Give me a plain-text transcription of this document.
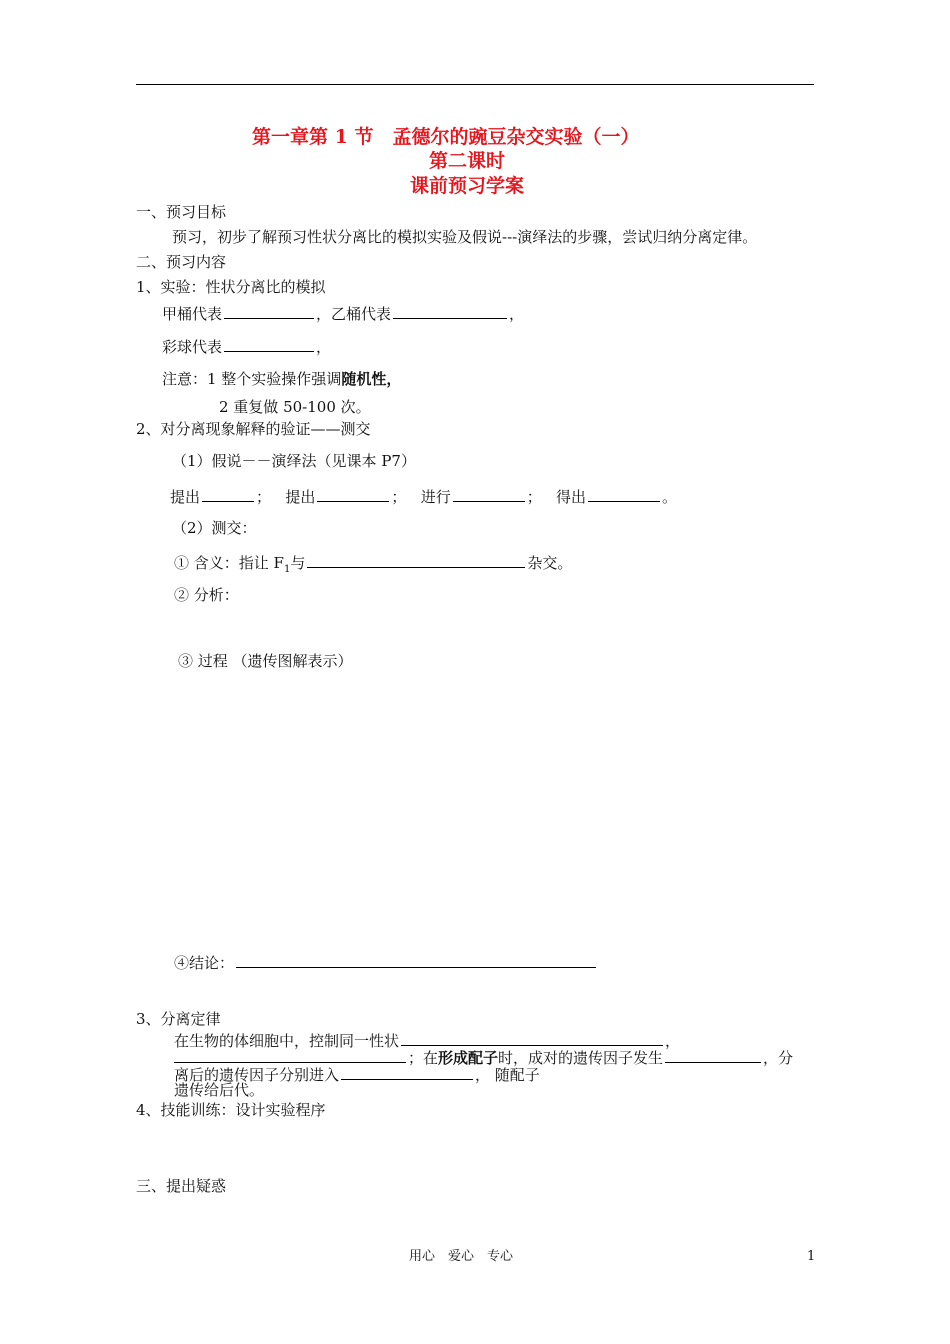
第一章第 1 节　孟德尔的豌豆杂交实验（一）
第二课时
课前预习学案
一、预习目标
预习，初步了解预习性状分离比的模拟实验及假说---演绎法的步骤，尝试归纳分离定律。
二、预习内容
1、实验：性状分离比的模拟
甲桶代表	，乙桶代表	，
彩球代表	，
注意：1 整个实验操作强调随机性，
2 重复做 50-100 次。
2、对分离现象解释的验证——测交
（1）假说－－演绎法（见课本 P7）
提出	； 提出	； 进行	； 得出	。
（2）测交：
① 含义：指让 $F_1$与	杂交。
② 分析：
③ 过程 （遗传图解表示）
④结论：
3、分离定律
在生物的体细胞中，控制同一性状	，
；在形成配子时，成对的遗传因子发生	，分
离后的遗传因子分别进入	， 随配子
遗传给后代。
4、技能训练：设计实验程序
三、提出疑惑
用心　爱心　专心	1
